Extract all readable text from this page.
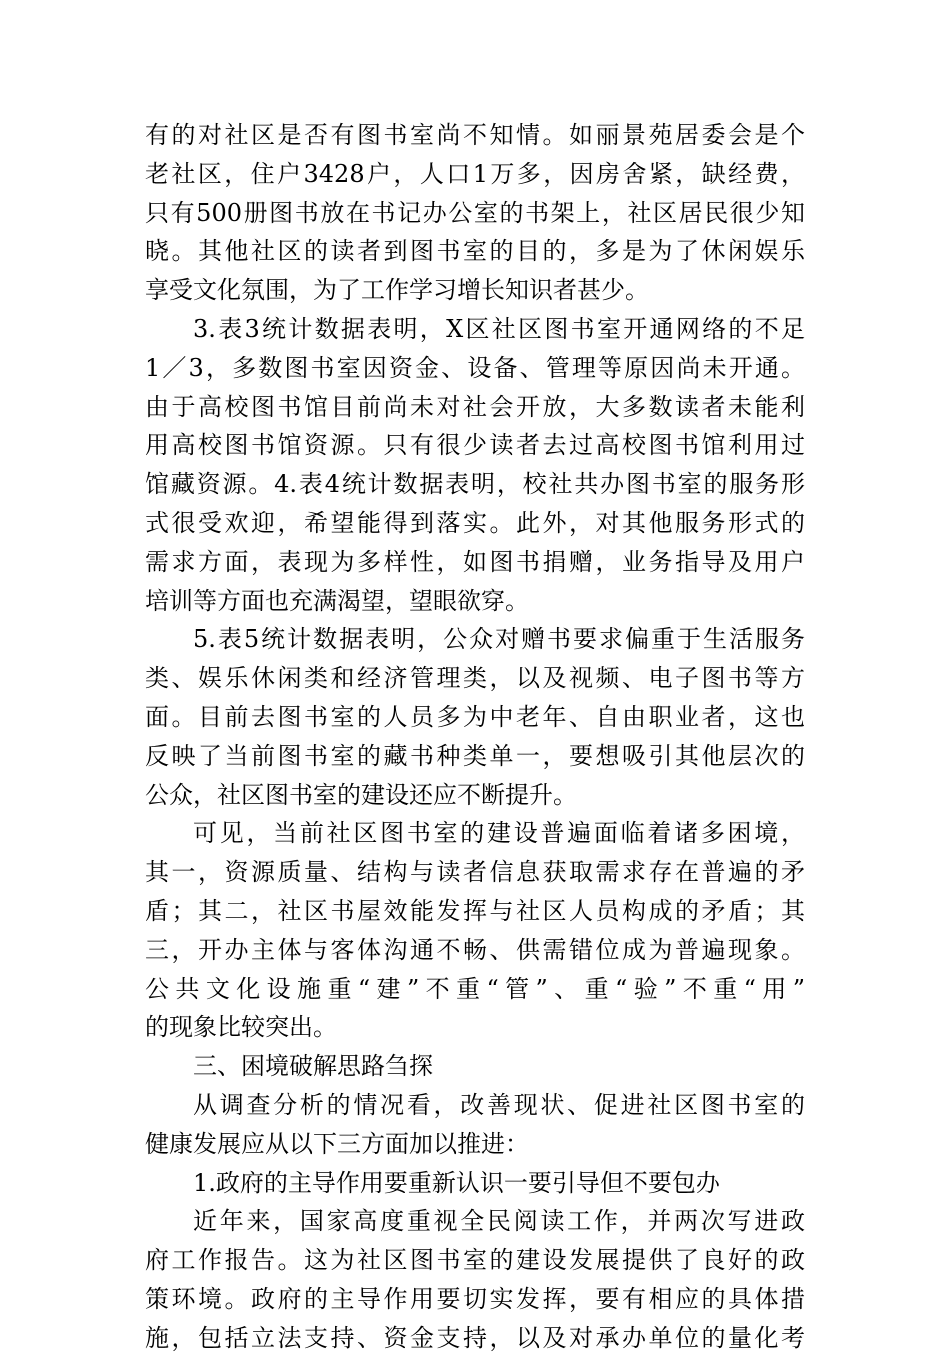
有的对社区是否有图书室尚不知情。如丽景苑居委会是个
老社区，住户3428户，人口1万多，因房舍紧，缺经费，
只有500册图书放在书记办公室的书架上，社区居民很少知
晓。其他社区的读者到图书室的目的，多是为了休闲娱乐
享受文化氛围，为了工作学习增长知识者甚少。
3.表3统计数据表明，X区社区图书室开通网络的不足
1／3，多数图书室因资金、设备、管理等原因尚未开通。
由于高校图书馆目前尚未对社会开放，大多数读者未能利
用高校图书馆资源。只有很少读者去过高校图书馆利用过
馆藏资源。4.表4统计数据表明，校社共办图书室的服务形
式很受欢迎，希望能得到落实。此外，对其他服务形式的
需求方面，表现为多样性，如图书捐赠，业务指导及用户
培训等方面也充满渴望，望眼欲穿。
5.表5统计数据表明，公众对赠书要求偏重于生活服务
类、娱乐休闲类和经济管理类，以及视频、电子图书等方
面。目前去图书室的人员多为中老年、自由职业者，这也
反映了当前图书室的藏书种类单一，要想吸引其他层次的
公众，社区图书室的建设还应不断提升。
可见，当前社区图书室的建设普遍面临着诸多困境，
其一，资源质量、结构与读者信息获取需求存在普遍的矛
盾；其二，社区书屋效能发挥与社区人员构成的矛盾；其
三，开办主体与客体沟通不畅、供需错位成为普遍现象。
公共文化设施重“建”不重“管”、重“验”不重“用”
的现象比较突出。
三、困境破解思路刍探
从调查分析的情况看，改善现状、促进社区图书室的
健康发展应从以下三方面加以推进：
1.政府的主导作用要重新认识一要引导但不要包办
近年来，国家高度重视全民阅读工作，并两次写进政
府工作报告。这为社区图书室的建设发展提供了良好的政
策环境。政府的主导作用要切实发挥，要有相应的具体措
施，包括立法支持、资金支持，以及对承办单位的量化考
